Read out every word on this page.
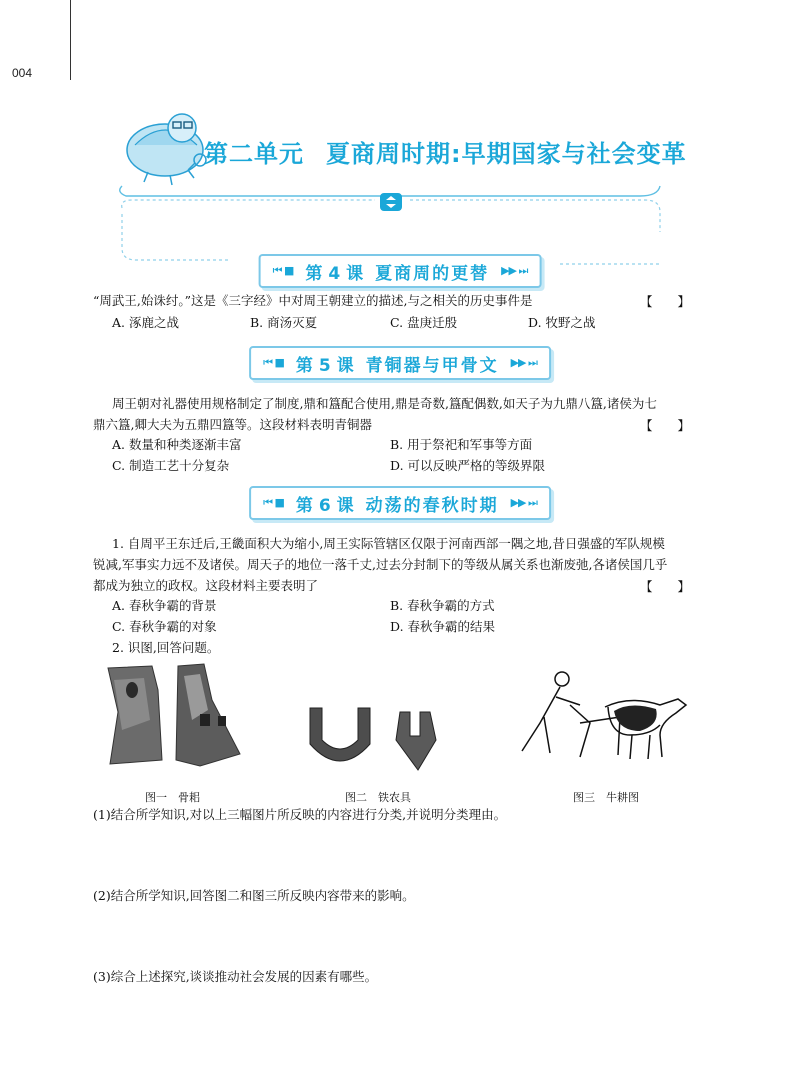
004
第二单元 夏商周时期:早期国家与社会变革
⏮ ■ 第 4 课 夏商周的更替 ▶▶ ⏭
“周武王,始诛纣。”这是《三字经》中对周王朝建立的描述,与之相关的历史事件是	【　　】
A. 涿鹿之战	B. 商汤灭夏	C. 盘庚迁殷	D. 牧野之战
⏮ ■ 第 5 课 青铜器与甲骨文 ▶▶ ⏭
周王朝对礼器使用规格制定了制度,鼎和簋配合使用,鼎是奇数,簋配偶数,如天子为九鼎八簋,诸侯为七
鼎六簋,卿大夫为五鼎四簋等。这段材料表明青铜器	【　　】
A. 数量和种类逐渐丰富	B. 用于祭祀和军事等方面
C. 制造工艺十分复杂	D. 可以反映严格的等级界限
⏮ ■ 第 6 课 动荡的春秋时期 ▶▶ ⏭
1. 自周平王东迁后,王畿面积大为缩小,周王实际管辖区仅限于河南西部一隅之地,昔日强盛的军队规模
锐减,军事实力远不及诸侯。周天子的地位一落千丈,过去分封制下的等级从属关系也渐废弛,各诸侯国几乎
都成为独立的政权。这段材料主要表明了	【　　】
A. 春秋争霸的背景	B. 春秋争霸的方式
C. 春秋争霸的对象	D. 春秋争霸的结果
2. 识图,回答问题。
图一　骨耜	图二　铁农具	图三　牛耕图
(1)结合所学知识,对以上三幅图片所反映的内容进行分类,并说明分类理由。
(2)结合所学知识,回答图二和图三所反映内容带来的影响。
(3)综合上述探究,谈谈推动社会发展的因素有哪些。
